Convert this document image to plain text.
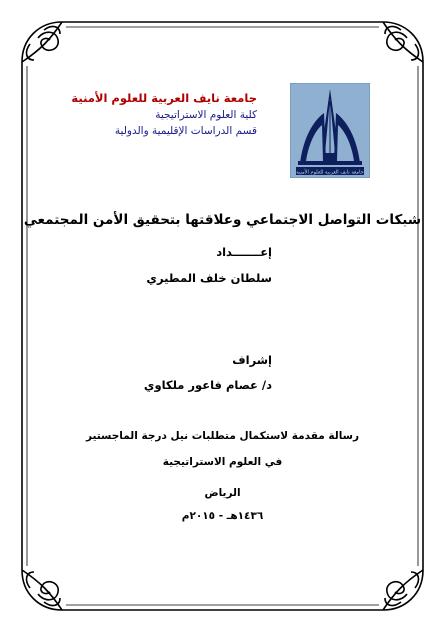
جامعة نايف العربية للعلوم الأمنية
جامعة نايف العربية للعلوم الأمنية
كلية العلوم الاستراتيجية
قسم الدراسات الإقليمية والدولية
شبكات التواصل الاجتماعي وعلاقتها بتحقيق الأمن المجتمعي
إعـــــــداد
سلطان خلف المطيري
إشراف
د/ عصام فاعور ملكاوي
رسالة مقدمة لاستكمال متطلبات نيل درجة الماجستير
في العلوم الاستراتيجية
الرياض
١٤٣٦هـ - ٢٠١٥م
